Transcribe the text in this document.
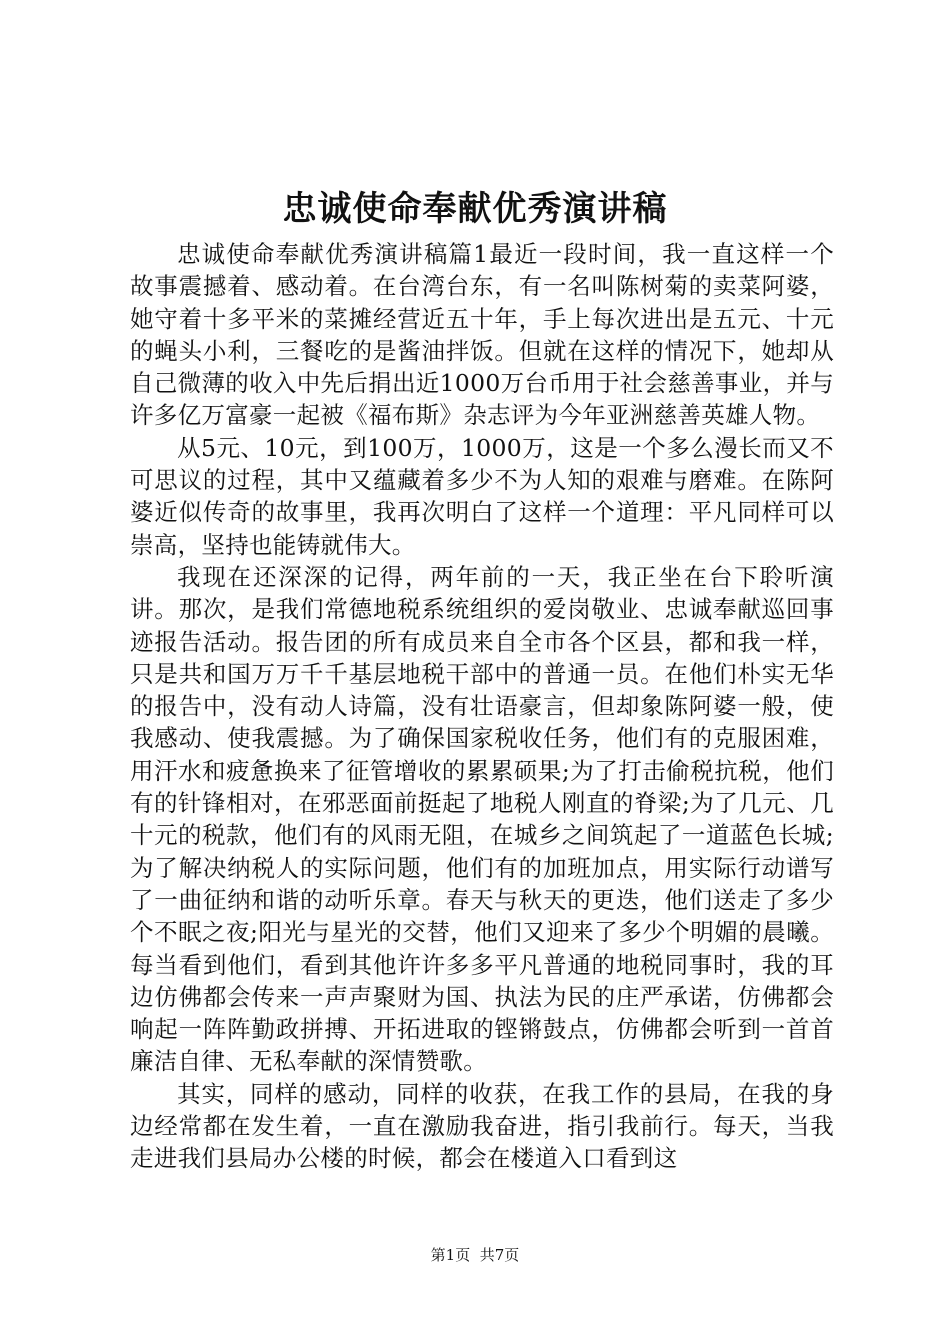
忠诚使命奉献优秀演讲稿

忠诚使命奉献优秀演讲稿篇1最近一段时间，我一直这样一个故事震撼着、感动着。在台湾台东，有一名叫陈树菊的卖菜阿婆，她守着十多平米的菜摊经营近五十年，手上每次进出是五元、十元的蝇头小利，三餐吃的是酱油拌饭。但就在这样的情况下，她却从自己微薄的收入中先后捐出近1000万台币用于社会慈善事业，并与许多亿万富豪一起被《福布斯》杂志评为今年亚洲慈善英雄人物。

从5元、10元，到100万，1000万，这是一个多么漫长而又不可思议的过程，其中又蕴藏着多少不为人知的艰难与磨难。在陈阿婆近似传奇的故事里，我再次明白了这样一个道理：平凡同样可以崇高，坚持也能铸就伟大。

我现在还深深的记得，两年前的一天，我正坐在台下聆听演讲。那次，是我们常德地税系统组织的爱岗敬业、忠诚奉献巡回事迹报告活动。报告团的所有成员来自全市各个区县，都和我一样，只是共和国万万千千基层地税干部中的普通一员。在他们朴实无华的报告中，没有动人诗篇，没有壮语豪言，但却象陈阿婆一般，使我感动、使我震撼。为了确保国家税收任务，他们有的克服困难，用汗水和疲惫换来了征管增收的累累硕果;为了打击偷税抗税，他们有的针锋相对，在邪恶面前挺起了地税人刚直的脊梁;为了几元、几十元的税款，他们有的风雨无阻，在城乡之间筑起了一道蓝色长城;为了解决纳税人的实际问题，他们有的加班加点，用实际行动谱写了一曲征纳和谐的动听乐章。春天与秋天的更迭，他们送走了多少个不眠之夜;阳光与星光的交替，他们又迎来了多少个明媚的晨曦。每当看到他们，看到其他许许多多平凡普通的地税同事时，我的耳边仿佛都会传来一声声聚财为国、执法为民的庄严承诺，仿佛都会响起一阵阵勤政拼搏、开拓进取的铿锵鼓点，仿佛都会听到一首首廉洁自律、无私奉献的深情赞歌。

其实，同样的感动，同样的收获，在我工作的县局，在我的身边经常都在发生着，一直在激励我奋进，指引我前行。每天，当我走进我们县局办公楼的时候，都会在楼道入口看到这

第1页 共7页
